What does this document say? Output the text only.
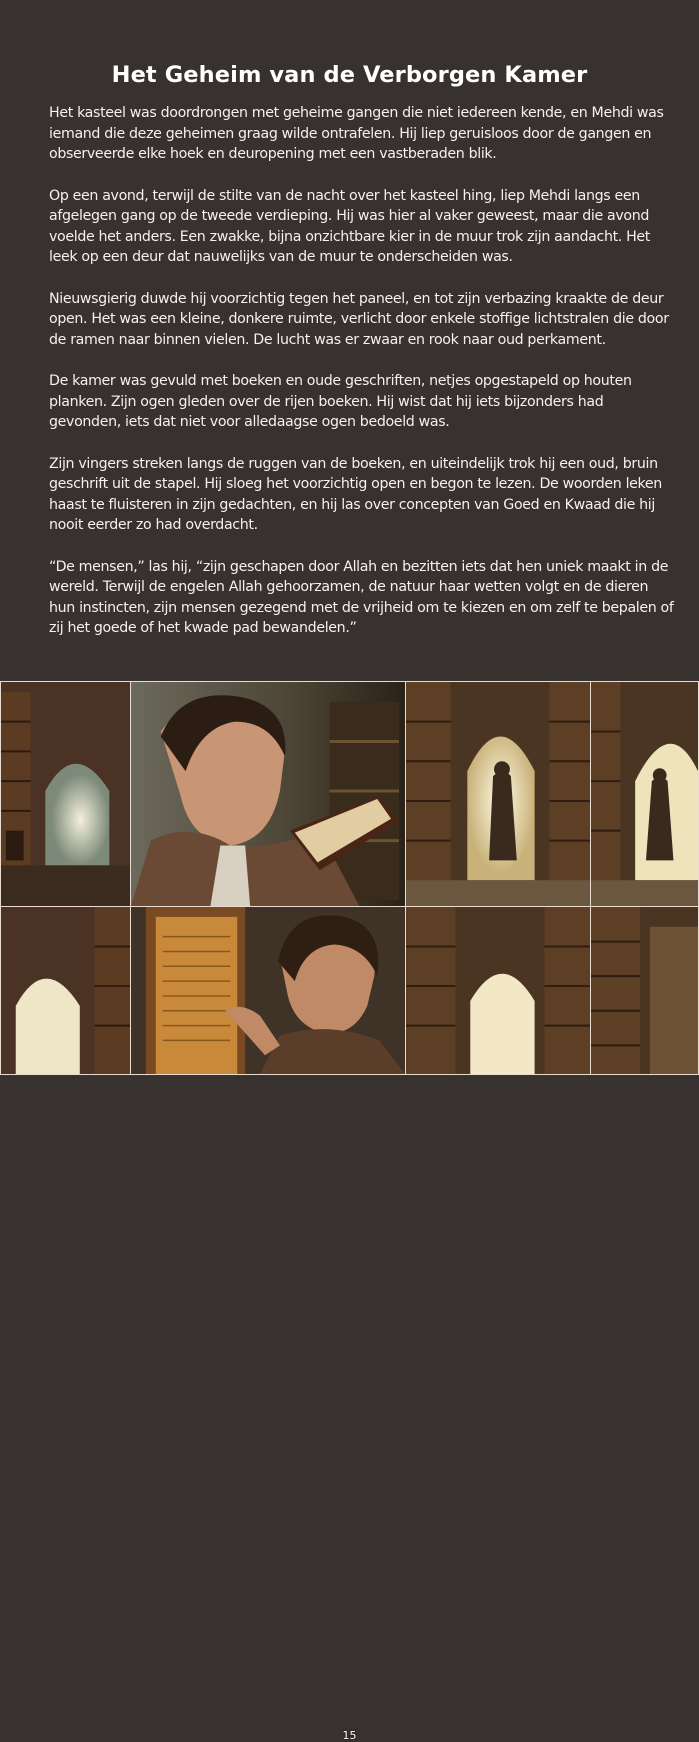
Het Geheim van de Verborgen Kamer

Het kasteel was doordrongen met geheime gangen die niet iedereen kende, en Mehdi was iemand die deze geheimen graag wilde ontrafelen. Hij liep geruisloos door de gangen en observeerde elke hoek en deuropening met een vastberaden blik.

Op een avond, terwijl de stilte van de nacht over het kasteel hing, liep Mehdi langs een afgelegen gang op de tweede verdieping. Hij was hier al vaker geweest, maar die avond voelde het anders. Een zwakke, bijna onzichtbare kier in de muur trok zijn aandacht. Het leek op een deur dat nauwelijks van de muur te onderscheiden was.

Nieuwsgierig duwde hij voorzichtig tegen het paneel, en tot zijn verbazing kraakte de deur open. Het was een kleine, donkere ruimte, verlicht door enkele stoffige lichtstralen die door de ramen naar binnen vielen. De lucht was er zwaar en rook naar oud perkament.

De kamer was gevuld met boeken en oude geschriften, netjes opgestapeld op houten planken. Zijn ogen gleden over de rijen boeken. Hij wist dat hij iets bijzonders had gevonden, iets dat niet voor alledaagse ogen bedoeld was.

Zijn vingers streken langs de ruggen van de boeken, en uiteindelijk trok hij een oud, bruin geschrift uit de stapel. Hij sloeg het voorzichtig open en begon te lezen. De woorden leken haast te fluisteren in zijn gedachten, en hij las over concepten van Goed en Kwaad die hij nooit eerder zo had overdacht.

“De mensen,” las hij, “zijn geschapen door Allah en bezitten iets dat hen uniek maakt in de wereld. Terwijl de engelen Allah gehoorzamen, de natuur haar wetten volgt en de dieren hun instincten, zijn mensen gezegend met de vrijheid om te kiezen en om zelf te bepalen of zij het goede of het kwade pad bewandelen.”

15
